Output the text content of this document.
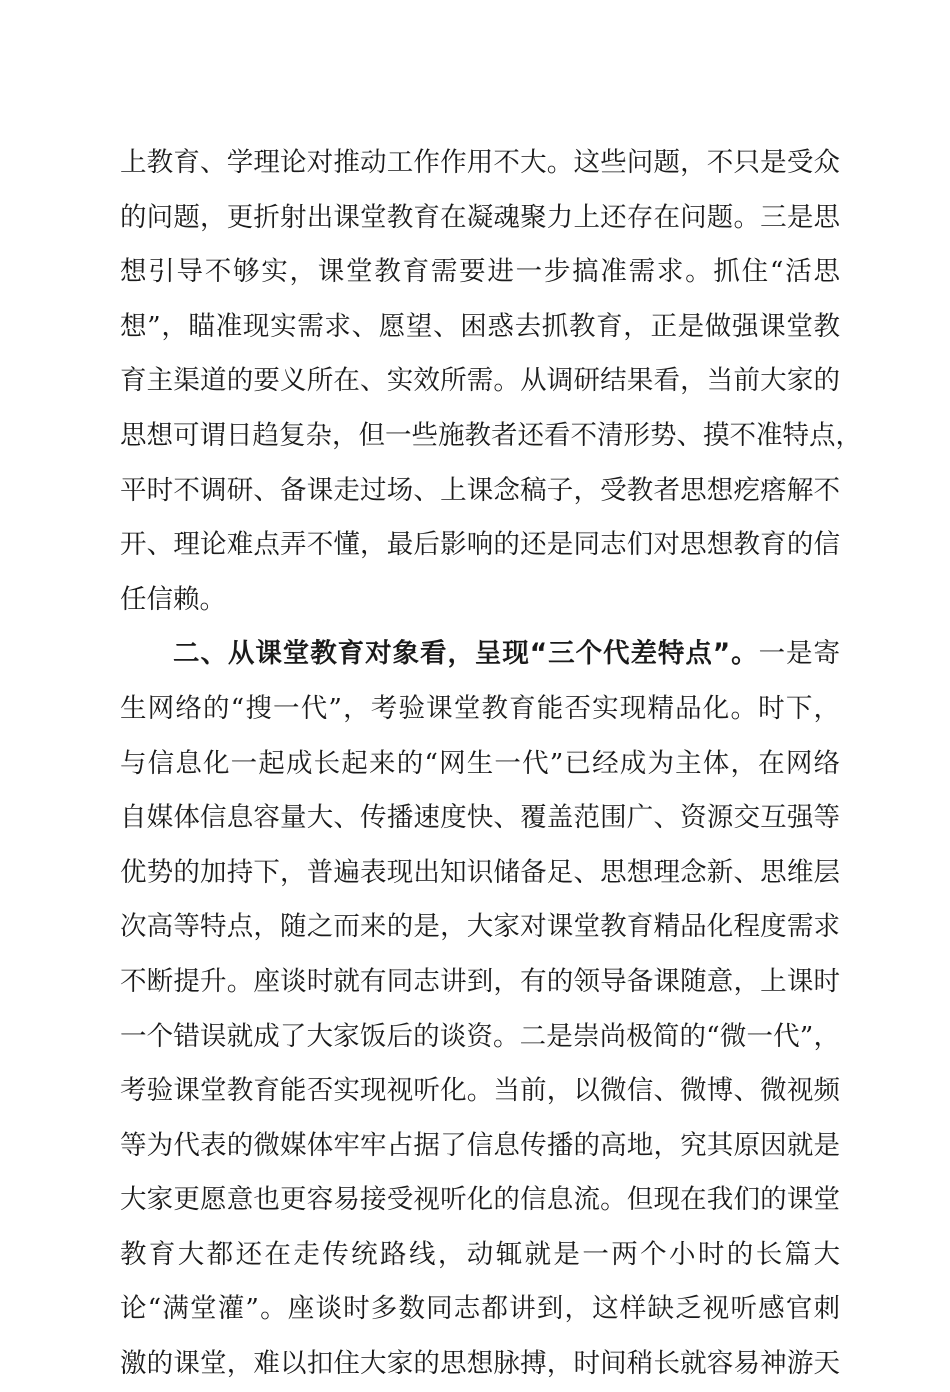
上教育、学理论对推动工作作用不大。这些问题，不只是受众
的问题，更折射出课堂教育在凝魂聚力上还存在问题。三是思
想引导不够实，课堂教育需要进一步搞准需求。抓住“活思
想”，瞄准现实需求、愿望、困惑去抓教育，正是做强课堂教
育主渠道的要义所在、实效所需。从调研结果看，当前大家的
思想可谓日趋复杂，但一些施教者还看不清形势、摸不准特点，
平时不调研、备课走过场、上课念稿子，受教者思想疙瘩解不
开、理论难点弄不懂，最后影响的还是同志们对思想教育的信
任信赖。
二、从课堂教育对象看，呈现“三个代差特点”。一是寄
生网络的“搜一代”，考验课堂教育能否实现精品化。时下，
与信息化一起成长起来的“网生一代”已经成为主体，在网络
自媒体信息容量大、传播速度快、覆盖范围广、资源交互强等
优势的加持下，普遍表现出知识储备足、思想理念新、思维层
次高等特点，随之而来的是，大家对课堂教育精品化程度需求
不断提升。座谈时就有同志讲到，有的领导备课随意，上课时
一个错误就成了大家饭后的谈资。二是崇尚极简的“微一代”，
考验课堂教育能否实现视听化。当前，以微信、微博、微视频
等为代表的微媒体牢牢占据了信息传播的高地，究其原因就是
大家更愿意也更容易接受视听化的信息流。但现在我们的课堂
教育大都还在走传统路线，动辄就是一两个小时的长篇大
论“满堂灌”。座谈时多数同志都讲到，这样缺乏视听感官刺
激的课堂，难以扣住大家的思想脉搏，时间稍长就容易神游天
